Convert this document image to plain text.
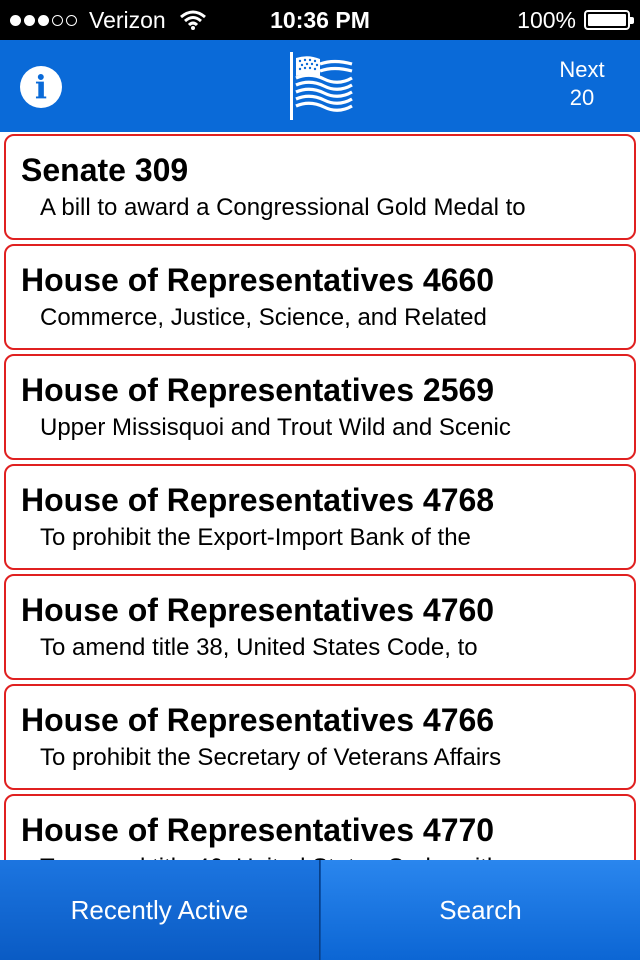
Verizon	10:36 PM	100%
i	Next
20
Senate 309
A bill to award a Congressional Gold Medal to
House of Representatives 4660
Commerce, Justice, Science, and Related
House of Representatives 2569
Upper Missisquoi and Trout Wild and Scenic
House of Representatives 4768
To prohibit the Export-Import Bank of the
House of Representatives 4760
To amend title 38, United States Code, to
House of Representatives 4766
To prohibit the Secretary of Veterans Affairs
House of Representatives 4770
Recently Active	Search
